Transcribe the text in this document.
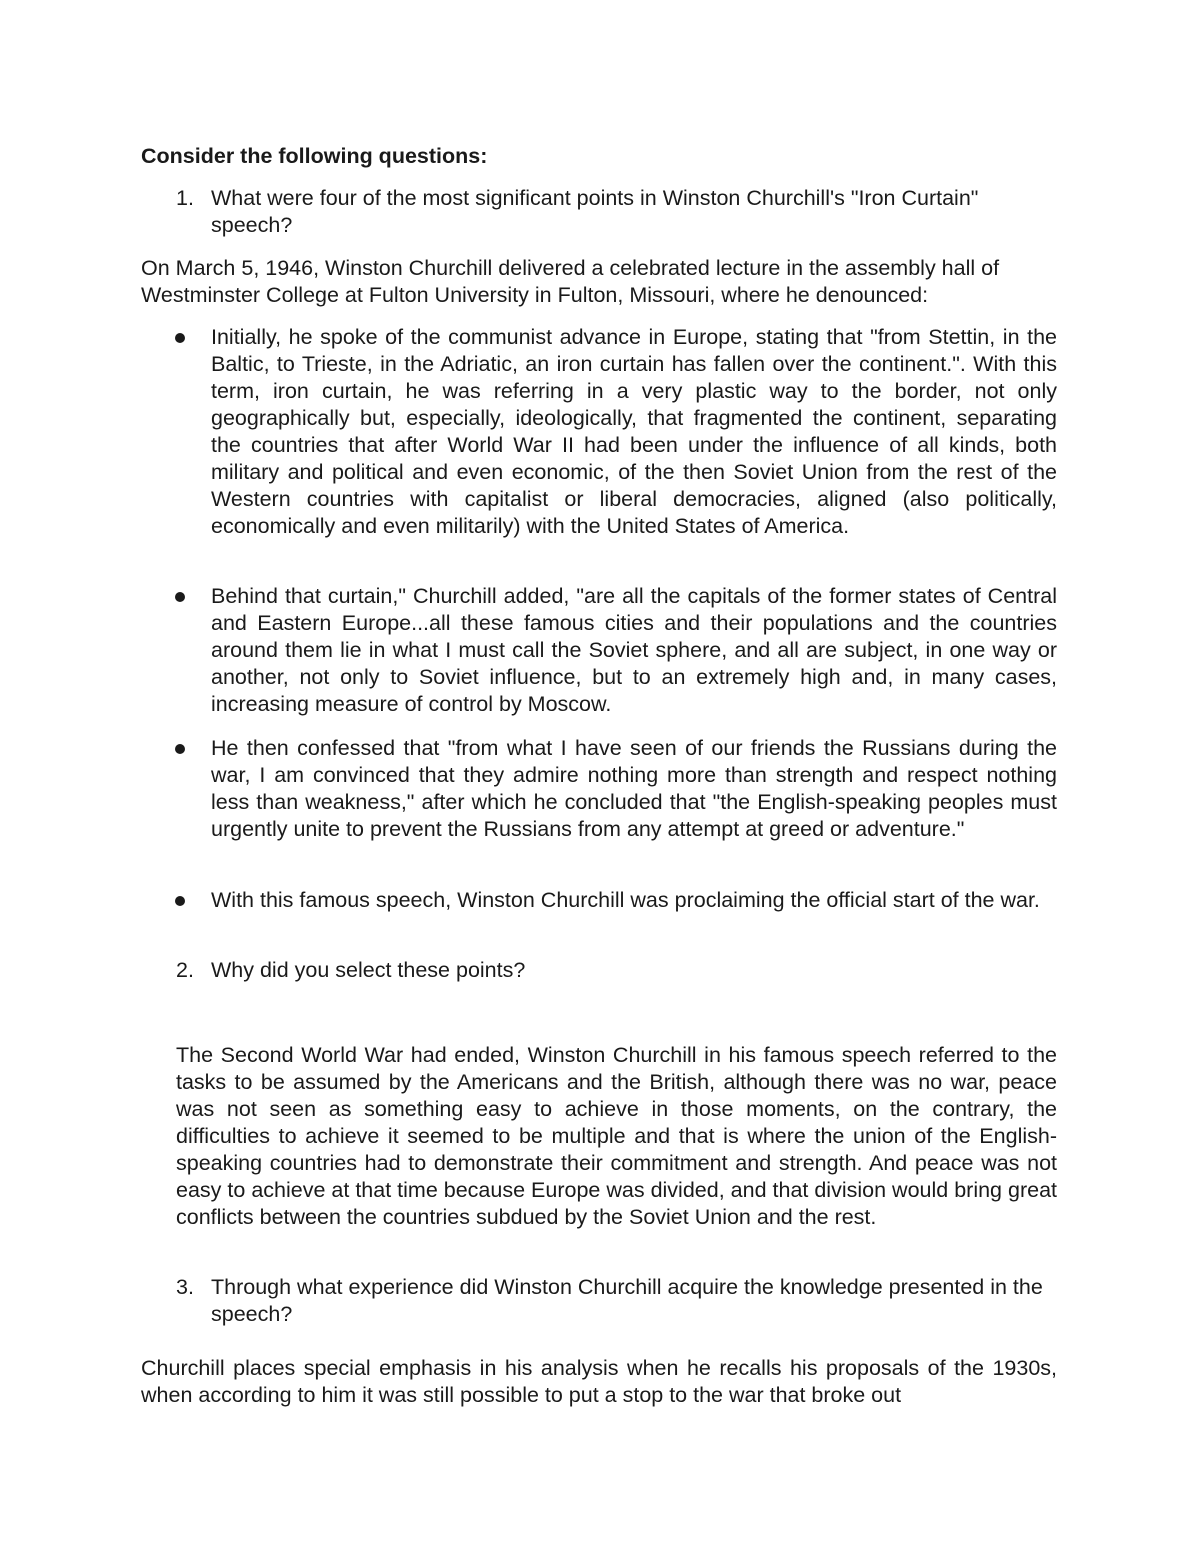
Consider the following questions:
1. What were four of the most significant points in Winston Churchill's "Iron Curtain" speech?

On March 5, 1946, Winston Churchill delivered a celebrated lecture in the assembly hall of Westminster College at Fulton University in Fulton, Missouri, where he denounced:

Initially, he spoke of the communist advance in Europe, stating that "from Stettin, in the Baltic, to Trieste, in the Adriatic, an iron curtain has fallen over the continent.". With this term, iron curtain, he was referring in a very plastic way to the border, not only geographically but, especially, ideologically, that fragmented the continent, separating the countries that after World War II had been under the influence of all kinds, both military and political and even economic, of the then Soviet Union from the rest of the Western countries with capitalist or liberal democracies, aligned (also politically, economically and even militarily) with the United States of America.

Behind that curtain," Churchill added, "are all the capitals of the former states of Central and Eastern Europe...all these famous cities and their populations and the countries around them lie in what I must call the Soviet sphere, and all are subject, in one way or another, not only to Soviet influence, but to an extremely high and, in many cases, increasing measure of control by Moscow.

He then confessed that "from what I have seen of our friends the Russians during the war, I am convinced that they admire nothing more than strength and respect nothing less than weakness," after which he concluded that "the English-speaking peoples must urgently unite to prevent the Russians from any attempt at greed or adventure."

With this famous speech, Winston Churchill was proclaiming the official start of the war.

2. Why did you select these points?

The Second World War had ended, Winston Churchill in his famous speech referred to the tasks to be assumed by the Americans and the British, although there was no war, peace was not seen as something easy to achieve in those moments, on the contrary, the difficulties to achieve it seemed to be multiple and that is where the union of the English-speaking countries had to demonstrate their commitment and strength. And peace was not easy to achieve at that time because Europe was divided, and that division would bring great conflicts between the countries subdued by the Soviet Union and the rest.

3. Through what experience did Winston Churchill acquire the knowledge presented in the speech?

Churchill places special emphasis in his analysis when he recalls his proposals of the 1930s, when according to him it was still possible to put a stop to the war that broke out
